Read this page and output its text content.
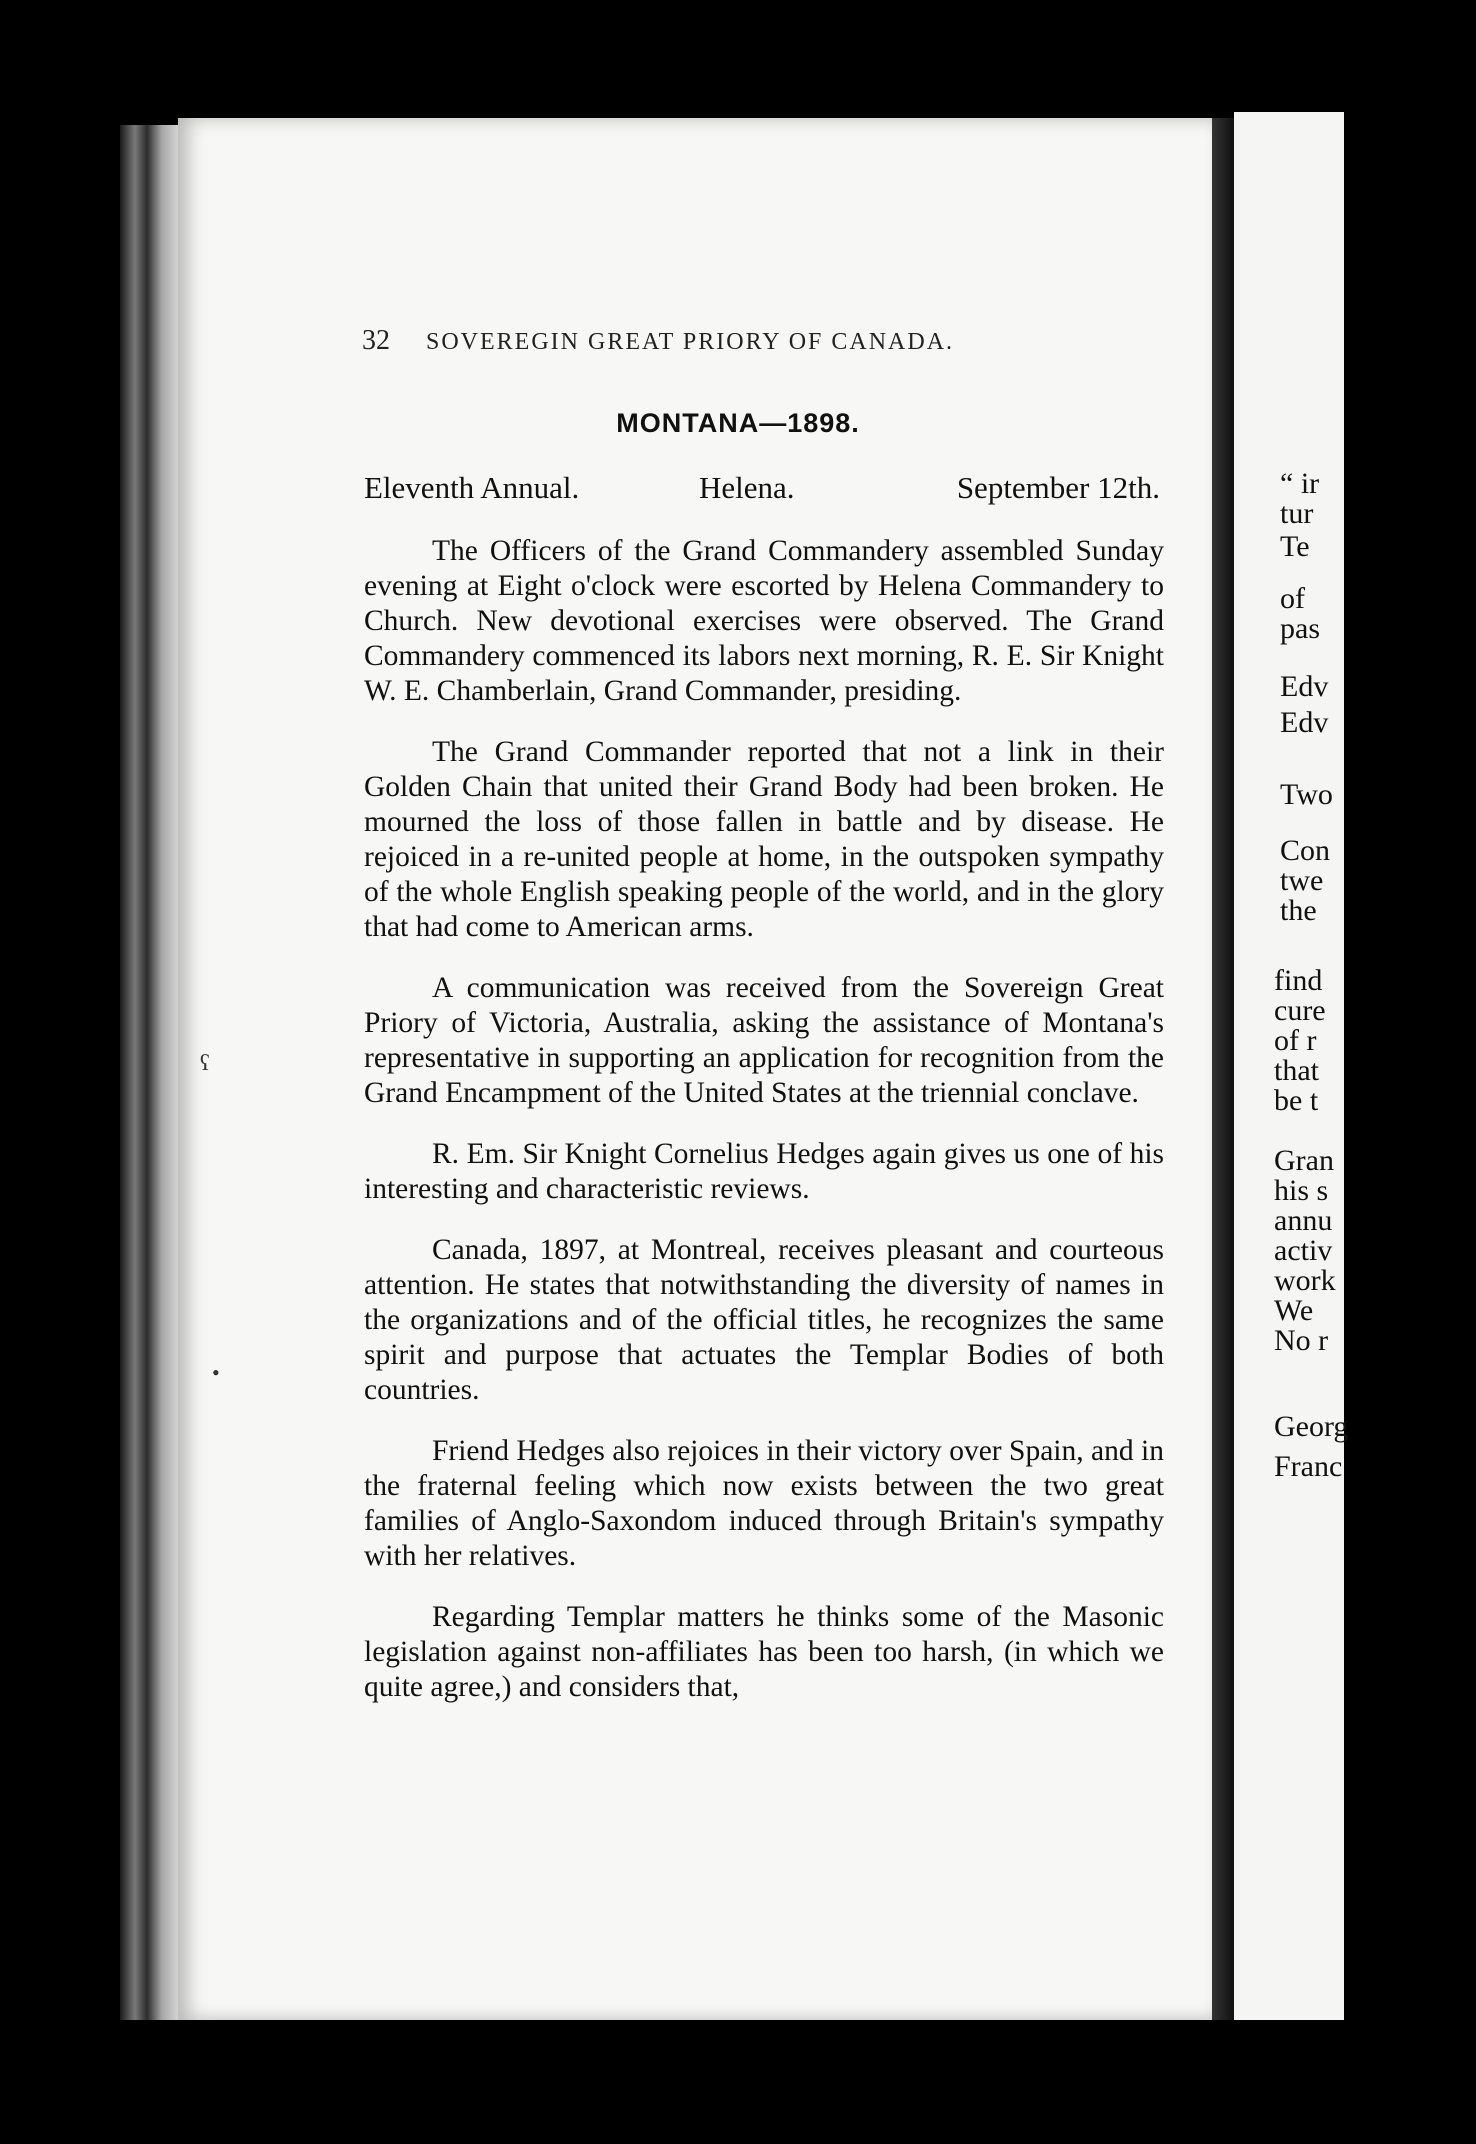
“ ir

tur

Te

of

pas

Edv

Edv

Two

Con

twe

the

find

cure

of r

that

be t

Gran

his s

annu

activ

work

We

No r

Georg

Franc

32 SOVEREGIN GREAT PRIORY OF CANADA.
MONTANA—1898.
Eleventh Annual.	Helena.	September 12th.

The Officers of the Grand Commandery assembled Sunday evening at Eight o'clock were escorted by Helena Commandery to Church. New devotional exercises were observed. The Grand Commandery commenced its labors next morning, R. E. Sir Knight W. E. Chamberlain, Grand Commander, presiding.

The Grand Commander reported that not a link in their Golden Chain that united their Grand Body had been broken. He mourned the loss of those fallen in battle and by disease. He rejoiced in a re-united people at home, in the outspoken sympathy of the whole English speaking people of the world, and in the glory that had come to American arms.

A communication was received from the Sovereign Great Priory of Victoria, Australia, asking the assistance of Montana's representative in supporting an application for recognition from the Grand Encampment of the United States at the triennial conclave.

R. Em. Sir Knight Cornelius Hedges again gives us one of his interesting and characteristic reviews.

Canada, 1897, at Montreal, receives pleasant and courteous attention. He states that notwithstanding the diversity of names in the organizations and of the official titles, he recognizes the same spirit and purpose that actuates the Templar Bodies of both countries.

Friend Hedges also rejoices in their victory over Spain, and in the fraternal feeling which now exists between the two great families of Anglo-Saxondom induced through Britain's sympathy with her relatives.

Regarding Templar matters he thinks some of the Masonic legislation against non-affiliates has been too harsh, (in which we quite agree,) and considers that,

ʕ
•
